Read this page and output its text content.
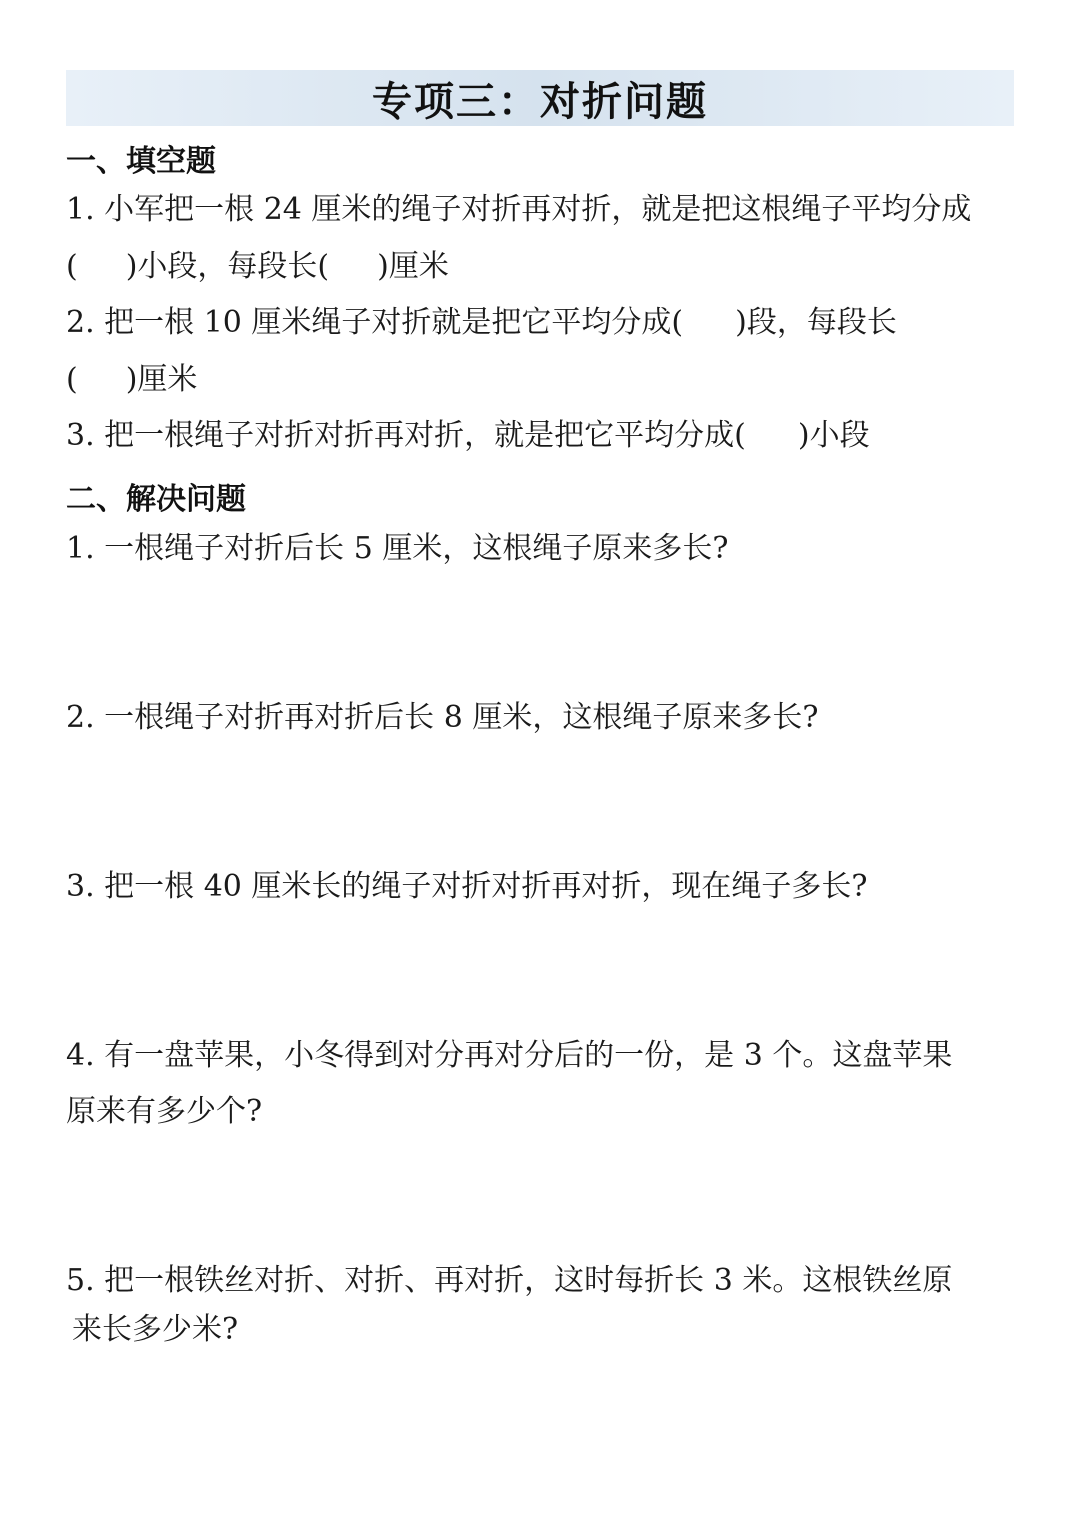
专项三：对折问题
一、填空题
1. 小军把一根 24 厘米的绳子对折再对折，就是把这根绳子平均分成
( )小段，每段长( )厘米
2. 把一根 10 厘米绳子对折就是把它平均分成( )段，每段长
( )厘米
3. 把一根绳子对折对折再对折，就是把它平均分成( )小段
二、解决问题
1. 一根绳子对折后长 5 厘米，这根绳子原来多长?
2. 一根绳子对折再对折后长 8 厘米，这根绳子原来多长?
3. 把一根 40 厘米长的绳子对折对折再对折，现在绳子多长?
4. 有一盘苹果，小冬得到对分再对分后的一份，是 3 个。这盘苹果
原来有多少个?
5. 把一根铁丝对折、对折、再对折，这时每折长 3 米。这根铁丝原
来长多少米?
